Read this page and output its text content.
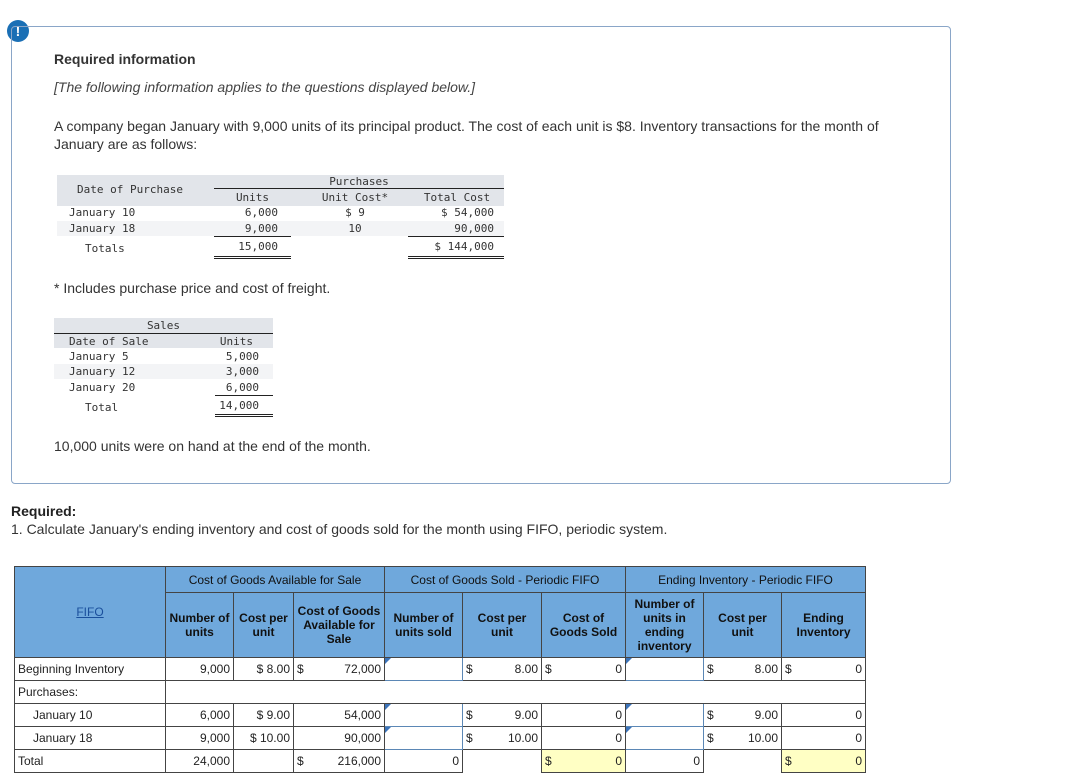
!
Required information
[The following information applies to the questions displayed below.]
A company began January with 9,000 units of its principal product. The cost of each unit is $8. Inventory transactions for the month of January are as follows:
Purchases
Date of Purchase
Units	Unit Cost*	Total Cost
January 10	6,000	$ 9	$ 54,000
January 18	9,000	10	90,000
Totals	15,000	$ 144,000
* Includes purchase price and cost of freight.
Sales
Date of Sale	Units
January 5	5,000
January 12	3,000
January 20	6,000
Total	14,000
10,000 units were on hand at the end of the month.
Required:
1. Calculate January's ending inventory and cost of goods sold for the month using FIFO, periodic system.
FIFO	Cost of Goods Available for Sale			Cost of Goods Sold - Periodic FIFO			Ending Inventory - Periodic FIFO		
	Number of units	Cost per unit	Cost of Goods Available for Sale	Number of units sold	Cost per unit	Cost of Goods Sold	Number of units in ending inventory	Cost per unit	Ending Inventory
Beginning Inventory	9,000	$ 8.00	$ 72,000		$ 8.00	$ 0		$ 8.00	$ 0

Purchases:									
January 10	6,000	$ 9.00	54,000		$ 9.00	0		$ 9.00	0

January 18	9,000	$ 10.00	90,000		$ 10.00	0		$ 10.00	0

Total	24,000		$ 216,000	0		$ 0	0		$ 0
